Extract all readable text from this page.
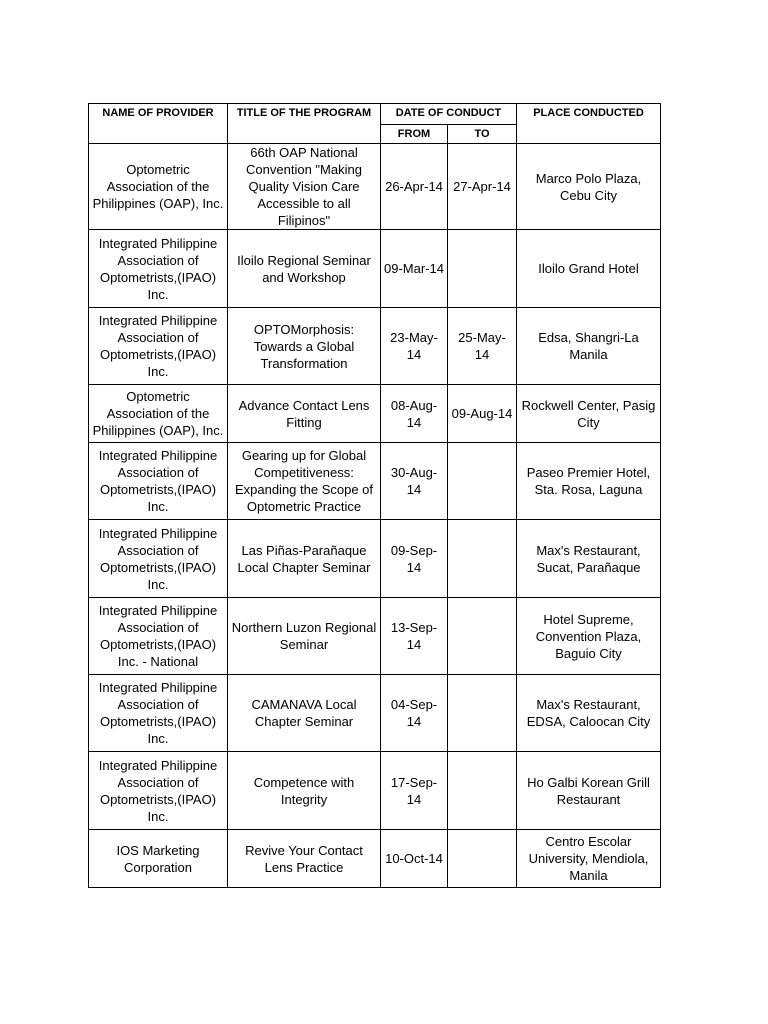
NAME OF PROVIDER	TITLE OF THE PROGRAM	DATE OF CONDUCT		PLACE CONDUCTED
		FROM	TO	
Optometric Association of the Philippines (OAP), Inc.	66th OAP National Convention "Making Quality Vision Care Accessible to all Filipinos"	26-Apr-14	27-Apr-14	Marco Polo Plaza, Cebu City
Integrated Philippine Association of Optometrists,(IPAO) Inc.	Iloilo Regional Seminar and Workshop	09-Mar-14		Iloilo Grand Hotel
Integrated Philippine Association of Optometrists,(IPAO) Inc.	OPTOMorphosis: Towards a Global Transformation	23-May-14	25-May-14	Edsa, Shangri-La Manila
Optometric Association of the Philippines (OAP), Inc.	Advance Contact Lens Fitting	08-Aug-14	09-Aug-14	Rockwell Center, Pasig City
Integrated Philippine Association of Optometrists,(IPAO) Inc.	Gearing up for Global Competitiveness: Expanding the Scope of Optometric Practice	30-Aug-14		Paseo Premier Hotel, Sta. Rosa, Laguna
Integrated Philippine Association of Optometrists,(IPAO) Inc.	Las Piñas-Parañaque Local Chapter Seminar	09-Sep-14		Max's Restaurant, Sucat, Parañaque
Integrated Philippine Association of Optometrists,(IPAO) Inc. - National	Northern Luzon Regional Seminar	13-Sep-14		Hotel Supreme, Convention Plaza, Baguio City
Integrated Philippine Association of Optometrists,(IPAO) Inc.	CAMANAVA Local Chapter Seminar	04-Sep-14		Max's Restaurant, EDSA, Caloocan City
Integrated Philippine Association of Optometrists,(IPAO) Inc.	Competence with Integrity	17-Sep-14		Ho Galbi Korean Grill Restaurant
IOS Marketing Corporation	Revive Your Contact Lens Practice	10-Oct-14		Centro Escolar University, Mendiola, Manila
